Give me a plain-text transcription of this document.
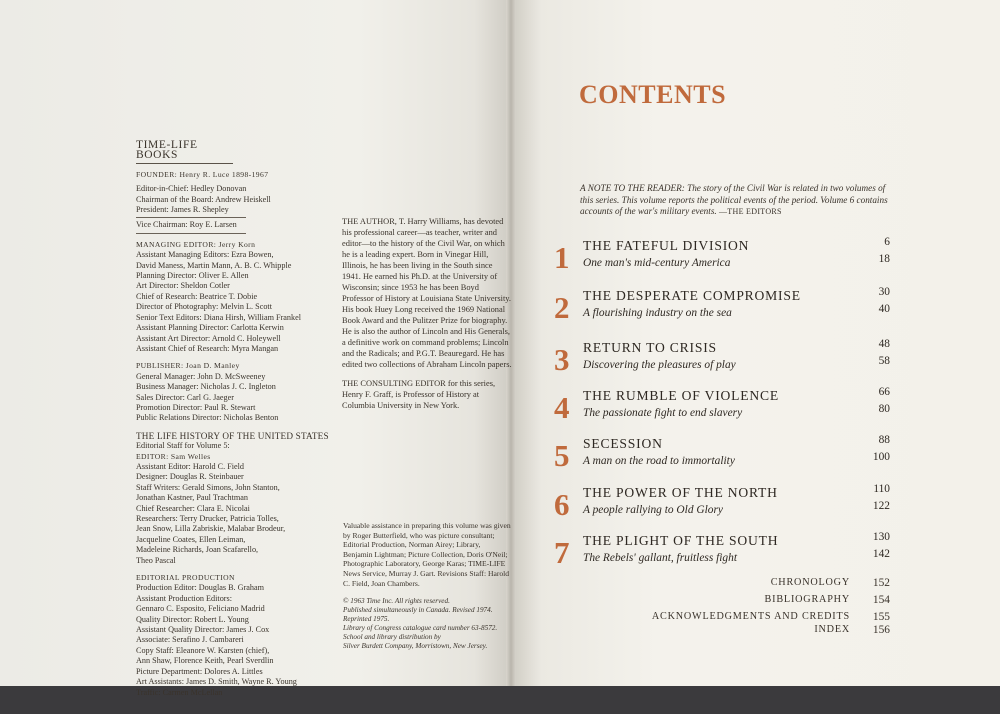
TIME-LIFE BOOKS
FOUNDER: Henry R. Luce 1898-1967
Editor-in-Chief: Hedley Donovan
Chairman of the Board: Andrew Heiskell
President: James R. Shepley
Vice Chairman: Roy E. Larsen
MANAGING EDITOR: Jerry Korn
Assistant Managing Editors: Ezra Bowen,
David Maness, Martin Mann, A. B. C. Whipple
Planning Director: Oliver E. Allen
Art Director: Sheldon Cotler
Chief of Research: Beatrice T. Dobie
Director of Photography: Melvin L. Scott
Senior Text Editors: Diana Hirsh, William Frankel
Assistant Planning Director: Carlotta Kerwin
Assistant Art Director: Arnold C. Holeywell
Assistant Chief of Research: Myra Mangan
PUBLISHER: Joan D. Manley
General Manager: John D. McSweeney
Business Manager: Nicholas J. C. Ingleton
Sales Director: Carl G. Jaeger
Promotion Director: Paul R. Stewart
Public Relations Director: Nicholas Benton
THE LIFE HISTORY OF THE UNITED STATES
Editorial Staff for Volume 5:
EDITOR: Sam Welles
Assistant Editor: Harold C. Field
Designer: Douglas R. Steinbauer
Staff Writers: Gerald Simons, John Stanton,
Jonathan Kastner, Paul Trachtman
Chief Researcher: Clara E. Nicolai
Researchers: Terry Drucker, Patricia Tolles,
Jean Snow, Lilla Zabriskie, Malabar Brodeur,
Jacqueline Coates, Ellen Leiman,
Madeleine Richards, Joan Scafarello,
Theo Pascal
EDITORIAL PRODUCTION
Production Editor: Douglas B. Graham
Assistant Production Editors:
Gennaro C. Esposito, Feliciano Madrid
Quality Director: Robert L. Young
Assistant Quality Director: James J. Cox
Associate: Serafino J. Cambareri
Copy Staff: Eleanore W. Karsten (chief),
Ann Shaw, Florence Keith, Pearl Sverdlin
Picture Department: Dolores A. Littles
Art Assistants: James D. Smith, Wayne R. Young
Traffic: Carmen McLellan

THE AUTHOR, T. Harry Williams, has devoted his professional career—as teacher, writer and editor—to the history of the Civil War, on which he is a leading expert. Born in Vinegar Hill, Illinois, he has been living in the South since 1941. He earned his Ph.D. at the University of Wisconsin; since 1953 he has been Boyd Professor of History at Louisiana State University. His book Huey Long received the 1969 National Book Award and the Pulitzer Prize for biography. He is also the author of Lincoln and His Generals, a definitive work on command problems; Lincoln and the Radicals; and P.G.T. Beauregard. He has edited two collections of Abraham Lincoln papers.

THE CONSULTING EDITOR for this series, Henry F. Graff, is Professor of History at Columbia University in New York.

Valuable assistance in preparing this volume was given by Roger Butterfield, who was picture consultant; Editorial Production, Norman Airey; Library, Benjamin Lightman; Picture Collection, Doris O'Neil; Photographic Laboratory, George Karas; TIME-LIFE News Service, Murray J. Gart. Revisions Staff: Harold C. Field, Joan Chambers.
© 1963 Time Inc. All rights reserved.
Published simultaneously in Canada. Revised 1974.
Reprinted 1975.
Library of Congress catalogue card number 63-8572.
School and library distribution by
Silver Burdett Company, Morristown, New Jersey.
CONTENTS
A NOTE TO THE READER: The story of the Civil War is related in two volumes of this series. This volume reports the political events of the period. Volume 6 contains accounts of the war's military events. —THE EDITORS
1 THE FATEFUL DIVISION
One man's mid-century America
6
18
2 THE DESPERATE COMPROMISE
A flourishing industry on the sea
30
40
3 RETURN TO CRISIS
Discovering the pleasures of play
48
58
4 THE RUMBLE OF VIOLENCE
The passionate fight to end slavery
66
80
5 SECESSION
A man on the road to immortality
88
100
6 THE POWER OF THE NORTH
A people rallying to Old Glory
110
122
7 THE PLIGHT OF THE SOUTH
The Rebels' gallant, fruitless fight
130
142
CHRONOLOGY 152
BIBLIOGRAPHY 154
ACKNOWLEDGMENTS AND CREDITS 155
INDEX 156
